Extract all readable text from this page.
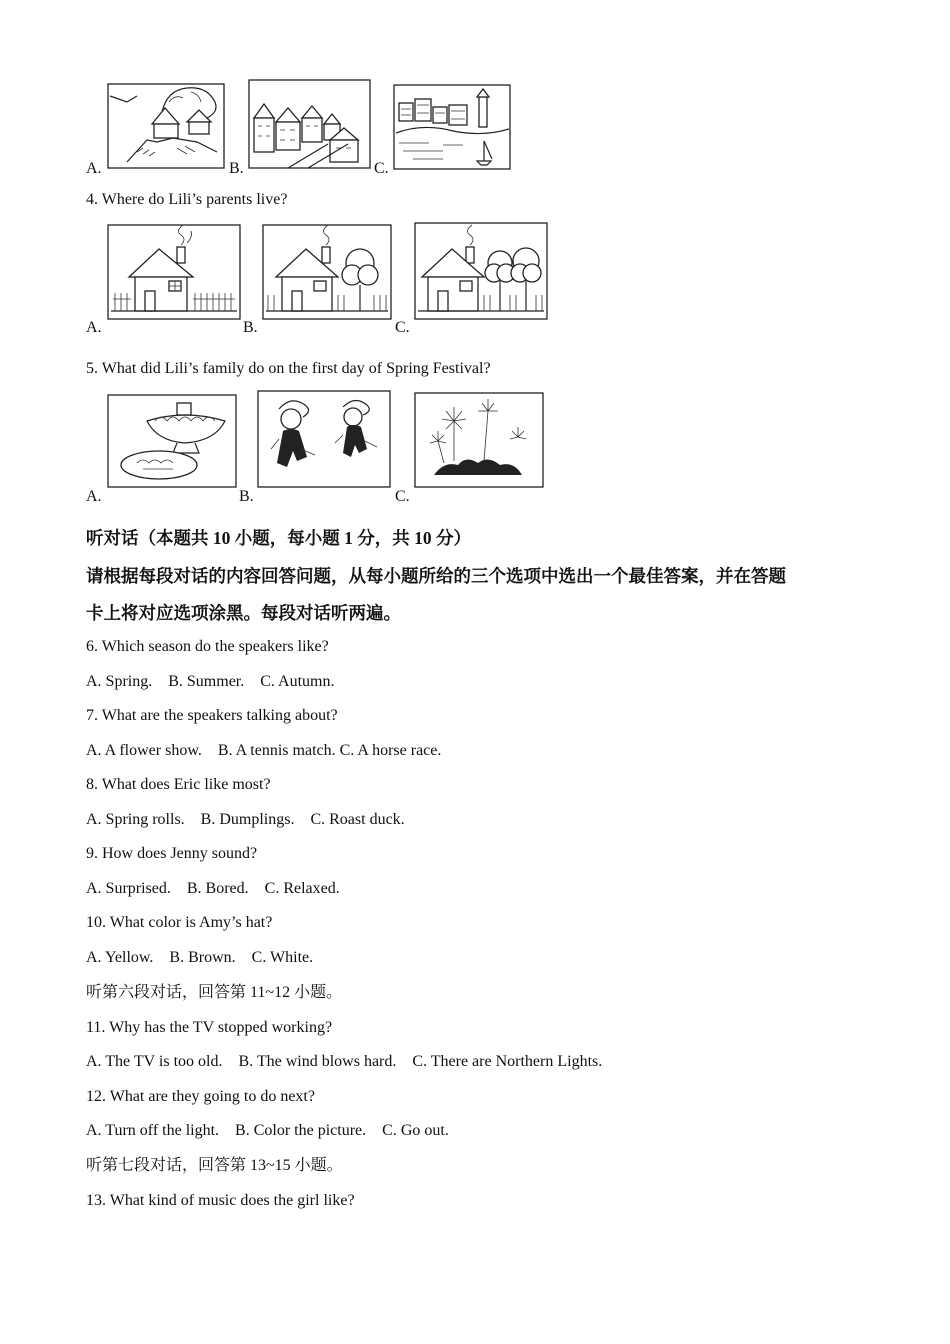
A.	B.	C.
4. Where do Lili’s parents live?
A.	B.	C.
5. What did Lili’s family do on the first day of Spring Festival?
A.	B.	C.
听对话（本题共 10 小题，每小题 1 分，共 10 分）
请根据每段对话的内容回答问题，从每小题所给的三个选项中选出一个最佳答案，并在答题
卡上将对应选项涂黑。每段对话听两遍。
6. Which season do the speakers like?
A. Spring.    B. Summer.    C. Autumn.
7. What are the speakers talking about?
A. A flower show.    B. A tennis match. C. A horse race.
8. What does Eric like most?
A. Spring rolls.    B. Dumplings.    C. Roast duck.
9. How does Jenny sound?
A. Surprised.    B. Bored.    C. Relaxed.
10. What color is Amy’s hat?
A. Yellow.    B. Brown.    C. White.
听第六段对话，回答第 11~12 小题。
11. Why has the TV stopped working?
A. The TV is too old.    B. The wind blows hard.    C. There are Northern Lights.
12. What are they going to do next?
A. Turn off the light.    B. Color the picture.    C. Go out.
听第七段对话，回答第 13~15 小题。
13. What kind of music does the girl like?
